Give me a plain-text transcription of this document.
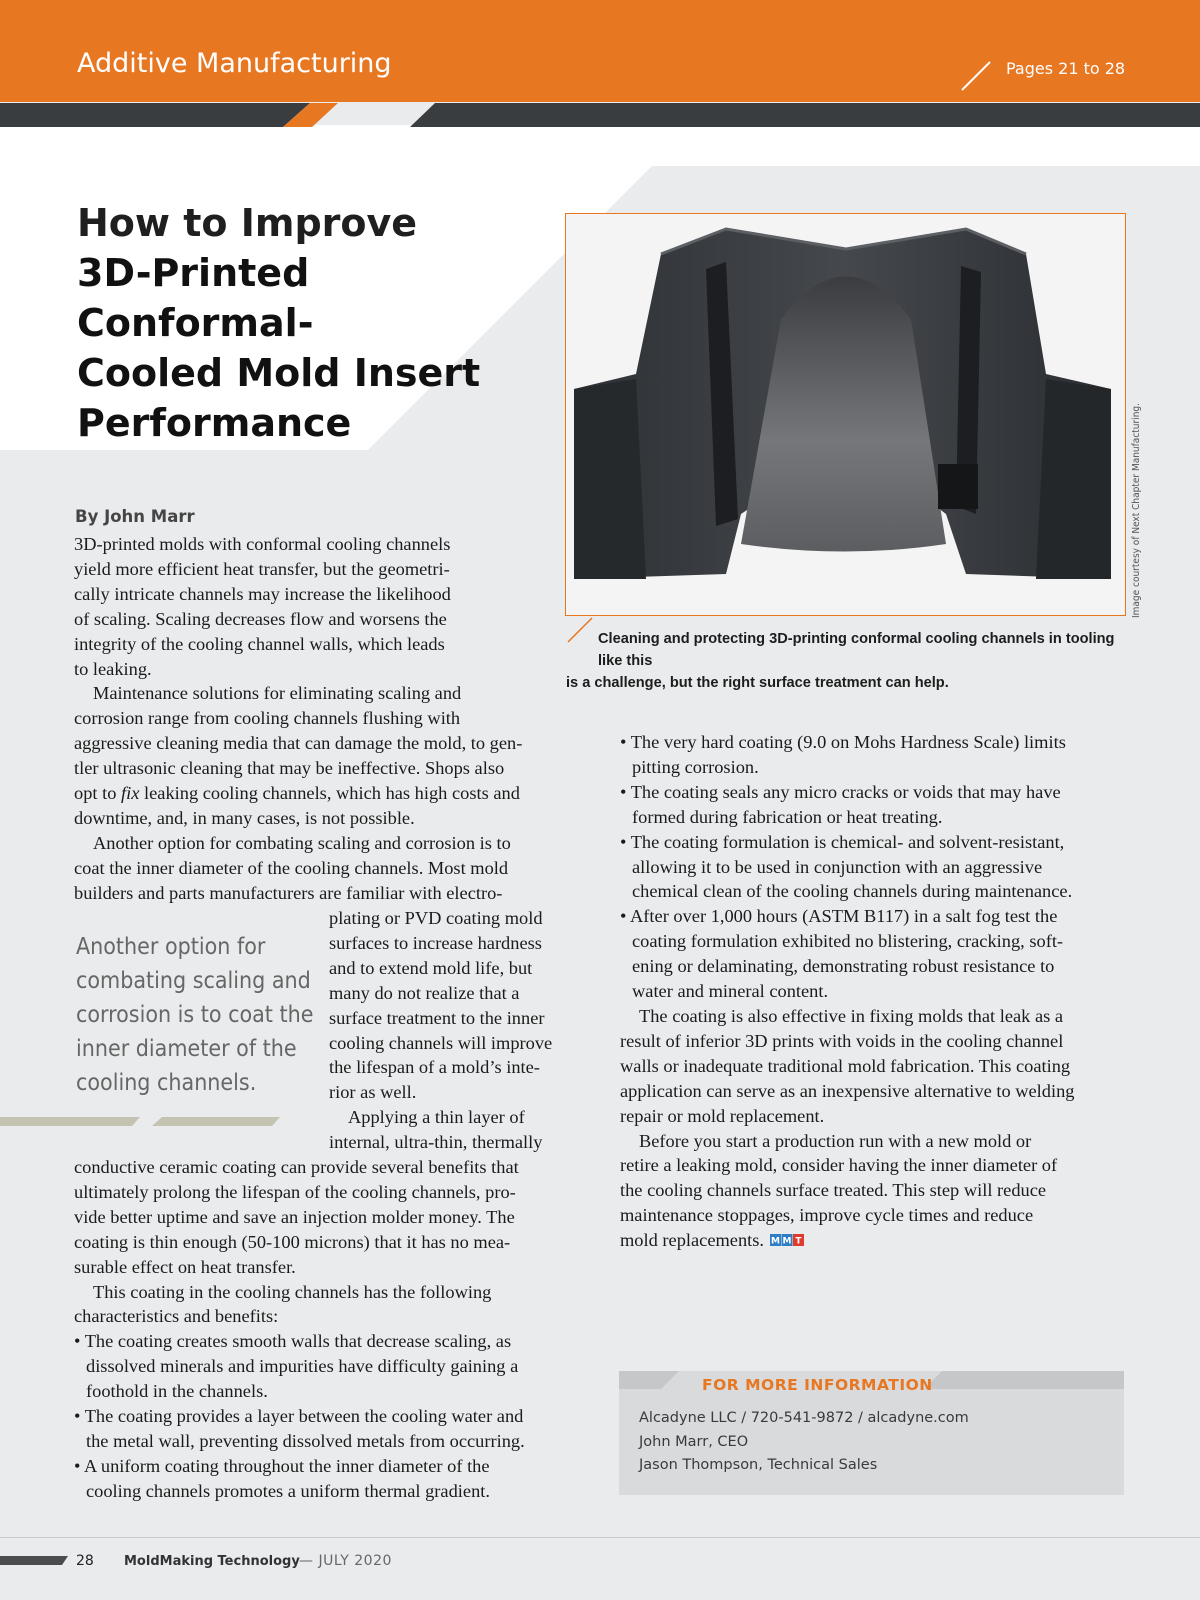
Additive Manufacturing	Pages 21 to 28
How to Improve
3D-Printed Conformal-
Cooled Mold Insert
Performance	Image courtesy of Next Chapter Manufacturing.
Cleaning and protecting 3D-printing conformal cooling channels in tooling like this
is a challenge, but the right surface treatment can help.
By John Marr
3D-printed molds with conformal cooling channels
yield more efficient heat transfer, but the geometri-
cally intricate channels may increase the likelihood
of scaling. Scaling decreases flow and worsens the
integrity of the cooling channel walls, which leads
to leaking.
Maintenance solutions for eliminating scaling and
corrosion range from cooling channels flushing with
aggressive cleaning media that can damage the mold, to gen-
tler ultrasonic cleaning that may be ineffective. Shops also
opt to fix leaking cooling channels, which has high costs and
downtime, and, in many cases, is not possible.
Another option for combating scaling and corrosion is to
coat the inner diameter of the cooling channels. Most mold
builders and parts manufacturers are familiar with electro-
Another option for
combating scaling and
corrosion is to coat the
inner diameter of the
cooling channels.
plating or PVD coating mold
surfaces to increase hardness
and to extend mold life, but
many do not realize that a
surface treatment to the inner
cooling channels will improve
the lifespan of a mold’s inte-
rior as well.
Applying a thin layer of
internal, ultra-thin, thermally
conductive ceramic coating can provide several benefits that
ultimately prolong the lifespan of the cooling channels, pro-
vide better uptime and save an injection molder money. The
coating is thin enough (50-100 microns) that it has no mea-
surable effect on heat transfer.
This coating in the cooling channels has the following
characteristics and benefits:
• The coating creates smooth walls that decrease scaling, as
dissolved minerals and impurities have difficulty gaining a
foothold in the channels.
• The coating provides a layer between the cooling water and
the metal wall, preventing dissolved metals from occurring.
• A uniform coating throughout the inner diameter of the
cooling channels promotes a uniform thermal gradient.
• The very hard coating (9.0 on Mohs Hardness Scale) limits
pitting corrosion.
• The coating seals any micro cracks or voids that may have
formed during fabrication or heat treating.
• The coating formulation is chemical- and solvent-resistant,
allowing it to be used in conjunction with an aggressive
chemical clean of the cooling channels during maintenance.
• After over 1,000 hours (ASTM B117) in a salt fog test the
coating formulation exhibited no blistering, cracking, soft-
ening or delaminating, demonstrating robust resistance to
water and mineral content.
The coating is also effective in fixing molds that leak as a
result of inferior 3D prints with voids in the cooling channel
walls or inadequate traditional mold fabrication. This coating
application can serve as an inexpensive alternative to welding
repair or mold replacement.
Before you start a production run with a new mold or
retire a leaking mold, consider having the inner diameter of
the cooling channels surface treated. This step will reduce
maintenance stoppages, improve cycle times and reduce
mold replacements. M M T
FOR MORE INFORMATION
Alcadyne LLC / 720-541-9872 / alcadyne.com
John Marr, CEO
Jason Thompson, Technical Sales
28 MoldMaking Technology — JULY 2020
